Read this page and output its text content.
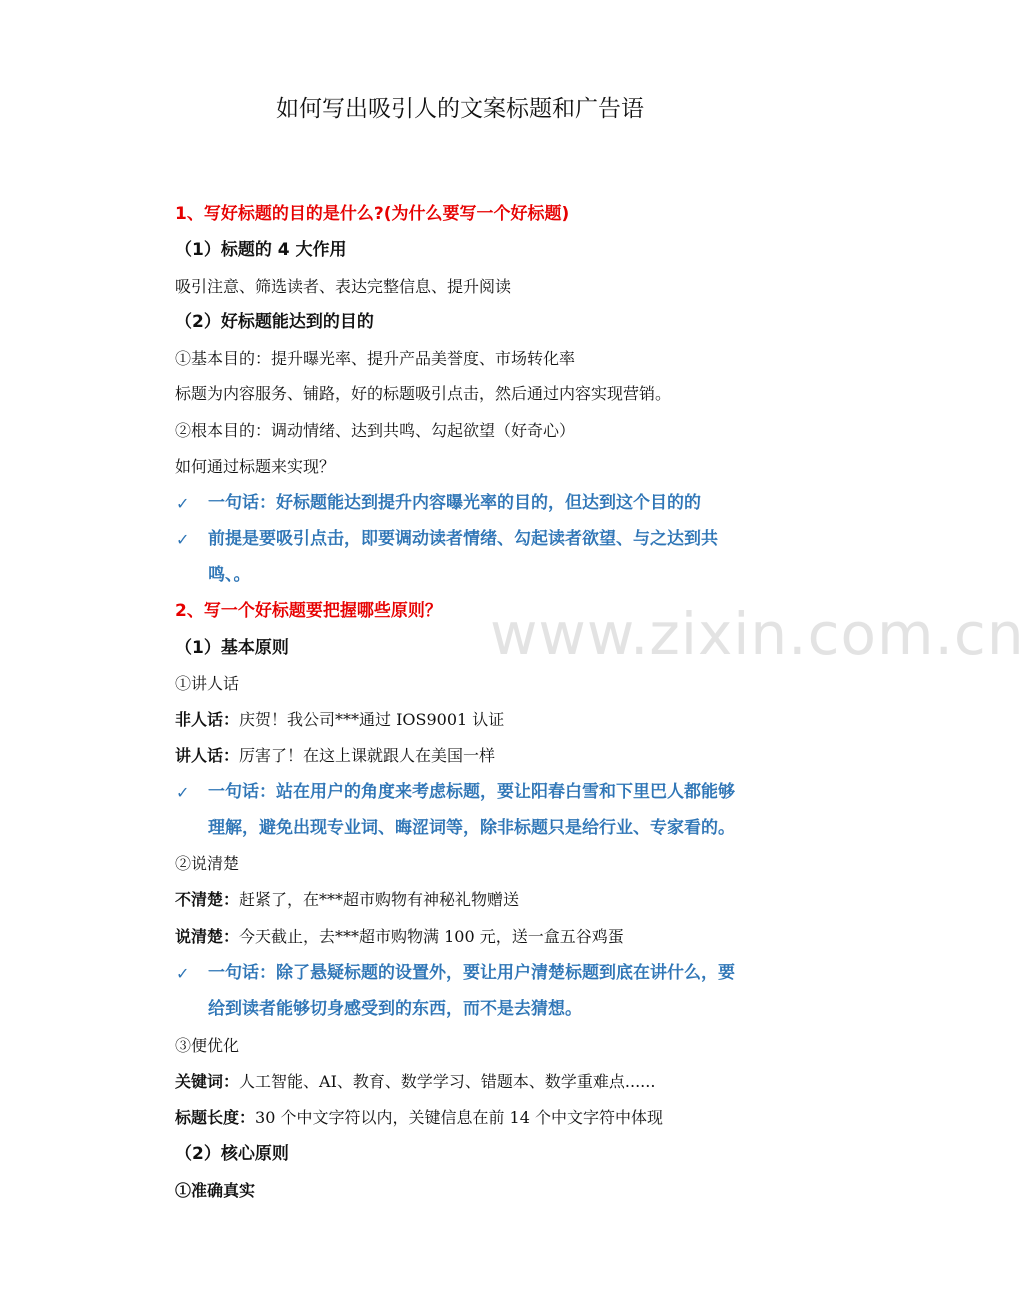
如何写出吸引人的文案标题和广告语
www.zixin.com.cn
1、写好标题的目的是什么?(为什么要写一个好标题)
（1）标题的 4 大作用
吸引注意、筛选读者、表达完整信息、提升阅读
（2）好标题能达到的目的
①基本目的：提升曝光率、提升产品美誉度、市场转化率
标题为内容服务、铺路，好的标题吸引点击，然后通过内容实现营销。
②根本目的：调动情绪、达到共鸣、勾起欲望（好奇心）
如何通过标题来实现？
✓ 一句话：好标题能达到提升内容曝光率的目的，但达到这个目的的
✓ 前提是要吸引点击，即要调动读者情绪、勾起读者欲望、与之达到共
鸣、。
2、写一个好标题要把握哪些原则？
（1）基本原则
①讲人话
非人话：庆贺！我公司***通过 IOS9001 认证
讲人话：厉害了！在这上课就跟人在美国一样
✓ 一句话：站在用户的角度来考虑标题，要让阳春白雪和下里巴人都能够
理解，避免出现专业词、晦涩词等，除非标题只是给行业、专家看的。
②说清楚
不清楚：赶紧了，在***超市购物有神秘礼物赠送
说清楚：今天截止，去***超市购物满 100 元，送一盒五谷鸡蛋
✓ 一句话：除了悬疑标题的设置外，要让用户清楚标题到底在讲什么，要
给到读者能够切身感受到的东西，而不是去猜想。
③便优化
关键词：人工智能、AI、教育、数学学习、错题本、数学重难点......
标题长度：30 个中文字符以内，关键信息在前 14 个中文字符中体现
（2）核心原则
①准确真实
